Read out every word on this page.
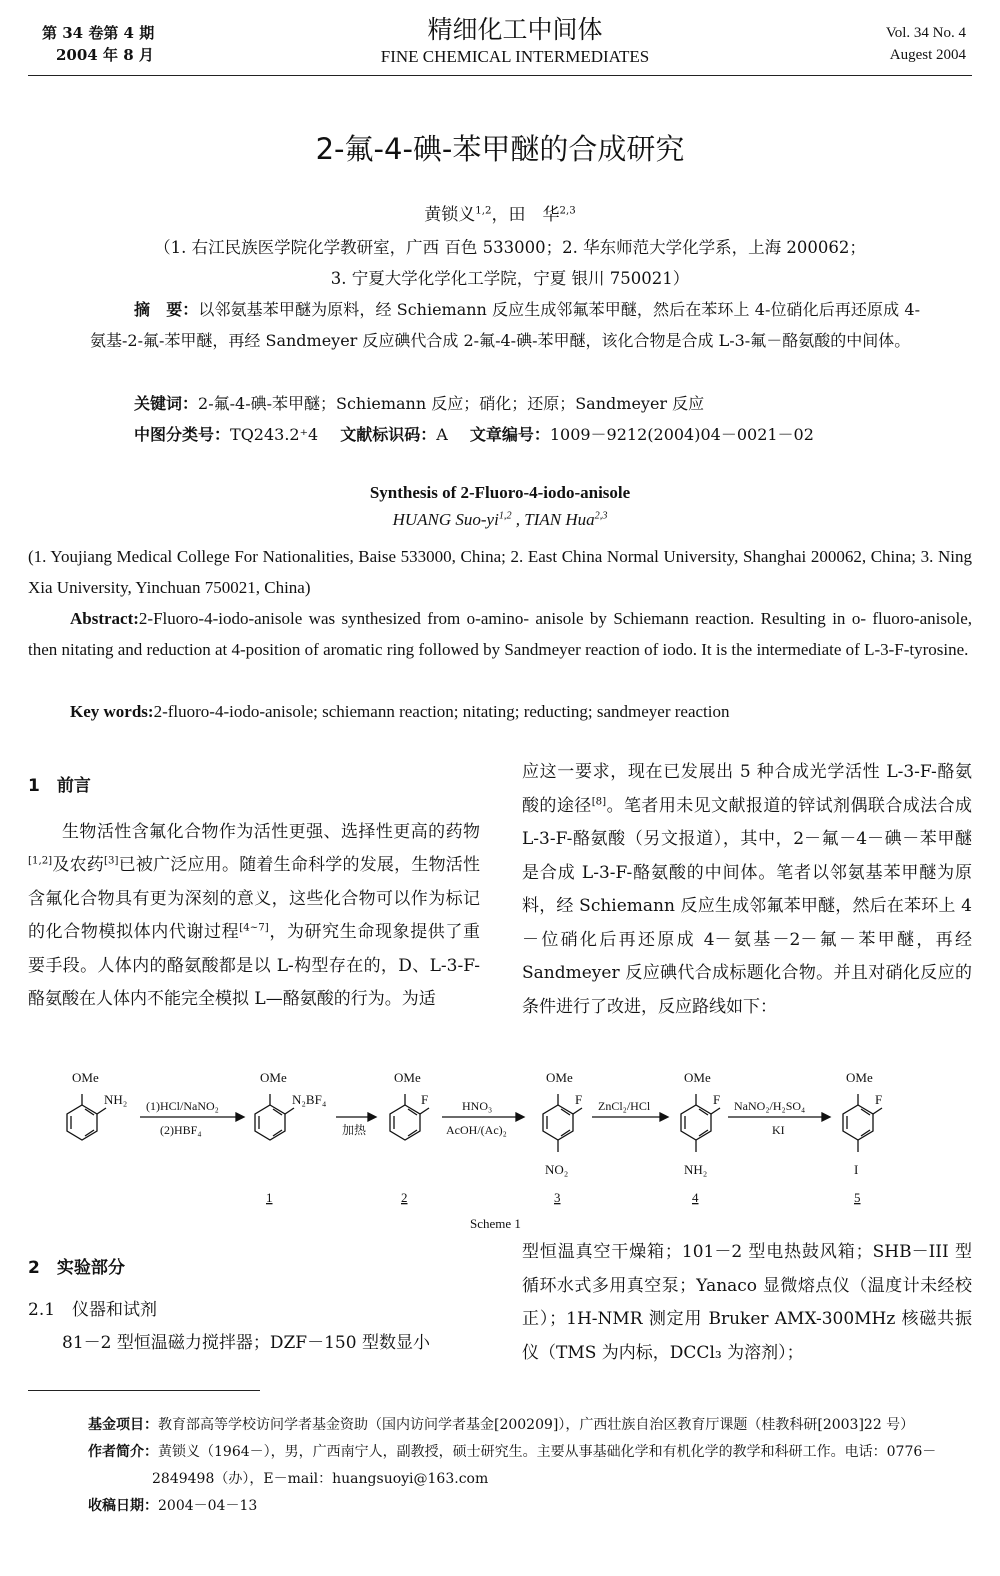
第 34 卷第 4 期
2004 年 8 月
精细化工中间体
FINE CHEMICAL INTERMEDIATES
Vol. 34 No. 4
Augest 2004
2-氟-4-碘-苯甲醚的合成研究
黄锁义$^{1,2}$，田　华$^{2,3}$
（1. 右江民族医学院化学教研室，广西 百色 533000；2. 华东师范大学化学系，上海 200062；
3. 宁夏大学化学化工学院，宁夏 银川 750021）
摘　要：以邻氨基苯甲醚为原料，经 Schiemann 反应生成邻氟苯甲醚，然后在苯环上 4-位硝化后再还原成 4-氨基-2-氟-苯甲醚，再经 Sandmeyer 反应碘代合成 2-氟-4-碘-苯甲醚，该化合物是合成 L-3-氟－酪氨酸的中间体。
关键词：2-氟-4-碘-苯甲醚；Schiemann 反应；硝化；还原；Sandmeyer 反应
中图分类号：TQ243.2⁺4 文献标识码：A 文章编号：1009－9212(2004)04－0021－02
Synthesis of 2-Fluoro-4-iodo-anisole
HUANG Suo-yi$^{1,2}$ , TIAN Hua$^{2,3}$
(1. Youjiang Medical College For Nationalities, Baise 533000, China; 2. East China Normal University, Shanghai 200062, China; 3. Ning Xia University, Yinchuan 750021, China)
Abstract:2-Fluoro-4-iodo-anisole was synthesized from o-amino- anisole by Schiemann reaction. Resulting in o- fluoro-anisole, then nitating and reduction at 4-position of aromatic ring followed by Sandmeyer reaction of iodo. It is the intermediate of L-3-F-tyrosine.
Key words:2-fluoro-4-iodo-anisole; schiemann reaction; nitating; reducting; sandmeyer reaction
1　前言
生物活性含氟化合物作为活性更强、选择性更高的药物[1,2]及农药[3]已被广泛应用。随着生命科学的发展，生物活性含氟化合物具有更为深刻的意义，这些化合物可以作为标记的化合物模拟体内代谢过程[4~7]，为研究生命现象提供了重要手段。人体内的酪氨酸都是以 L-构型存在的，D、L-3-F-酪氨酸在人体内不能完全模拟 L—酪氨酸的行为。为适
应这一要求，现在已发展出 5 种合成光学活性 L-3-F-酪氨酸的途径[8]。笔者用未见文献报道的锌试剂偶联合成法合成 L-3-F-酪氨酸（另文报道），其中，2－氟－4－碘－苯甲醚是合成 L-3-F-酪氨酸的中间体。笔者以邻氨基苯甲醚为原料，经 Schiemann 反应生成邻氟苯甲醚，然后在苯环上 4－位硝化后再还原成 4－氨基－2－氟－苯甲醚，再经 Sandmeyer 反应碘代合成标题化合物。并且对硝化反应的条件进行了改进，反应路线如下：
OMe
NH₂
OMe
N₂BF₄
OMe
F
OMe
F
NO₂
OMe
F
NH₂
OMe
F
I
(1)HCl/NaNO₂
(2)HBF₄	加热
HNO₃
AcOH/(Ac)₂
ZnCl₂/HCl	NaNO₂/H₂SO₄
KI
1	2	3	4	5
Scheme 1
2　实验部分
2.1　仪器和试剂
81－2 型恒温磁力搅拌器；DZF－150 型数显小
型恒温真空干燥箱；101－2 型电热鼓风箱；SHB－III 型循环水式多用真空泵；Yanaco 显微熔点仪（温度计未经校正）；1H-NMR 测定用 Bruker AMX-300MHz 核磁共振仪（TMS 为内标，DCCl₃ 为溶剂）；
基金项目：教育部高等学校访问学者基金资助（国内访问学者基金[200209]），广西壮族自治区教育厅课题（桂教科研[2003]22 号）
作者简介：黄锁义（1964－），男，广西南宁人，副教授，硕士研究生。主要从事基础化学和有机化学的教学和科研工作。电话：0776－
2849498（办），E－mail：huangsuoyi@163.com
收稿日期：2004－04－13
